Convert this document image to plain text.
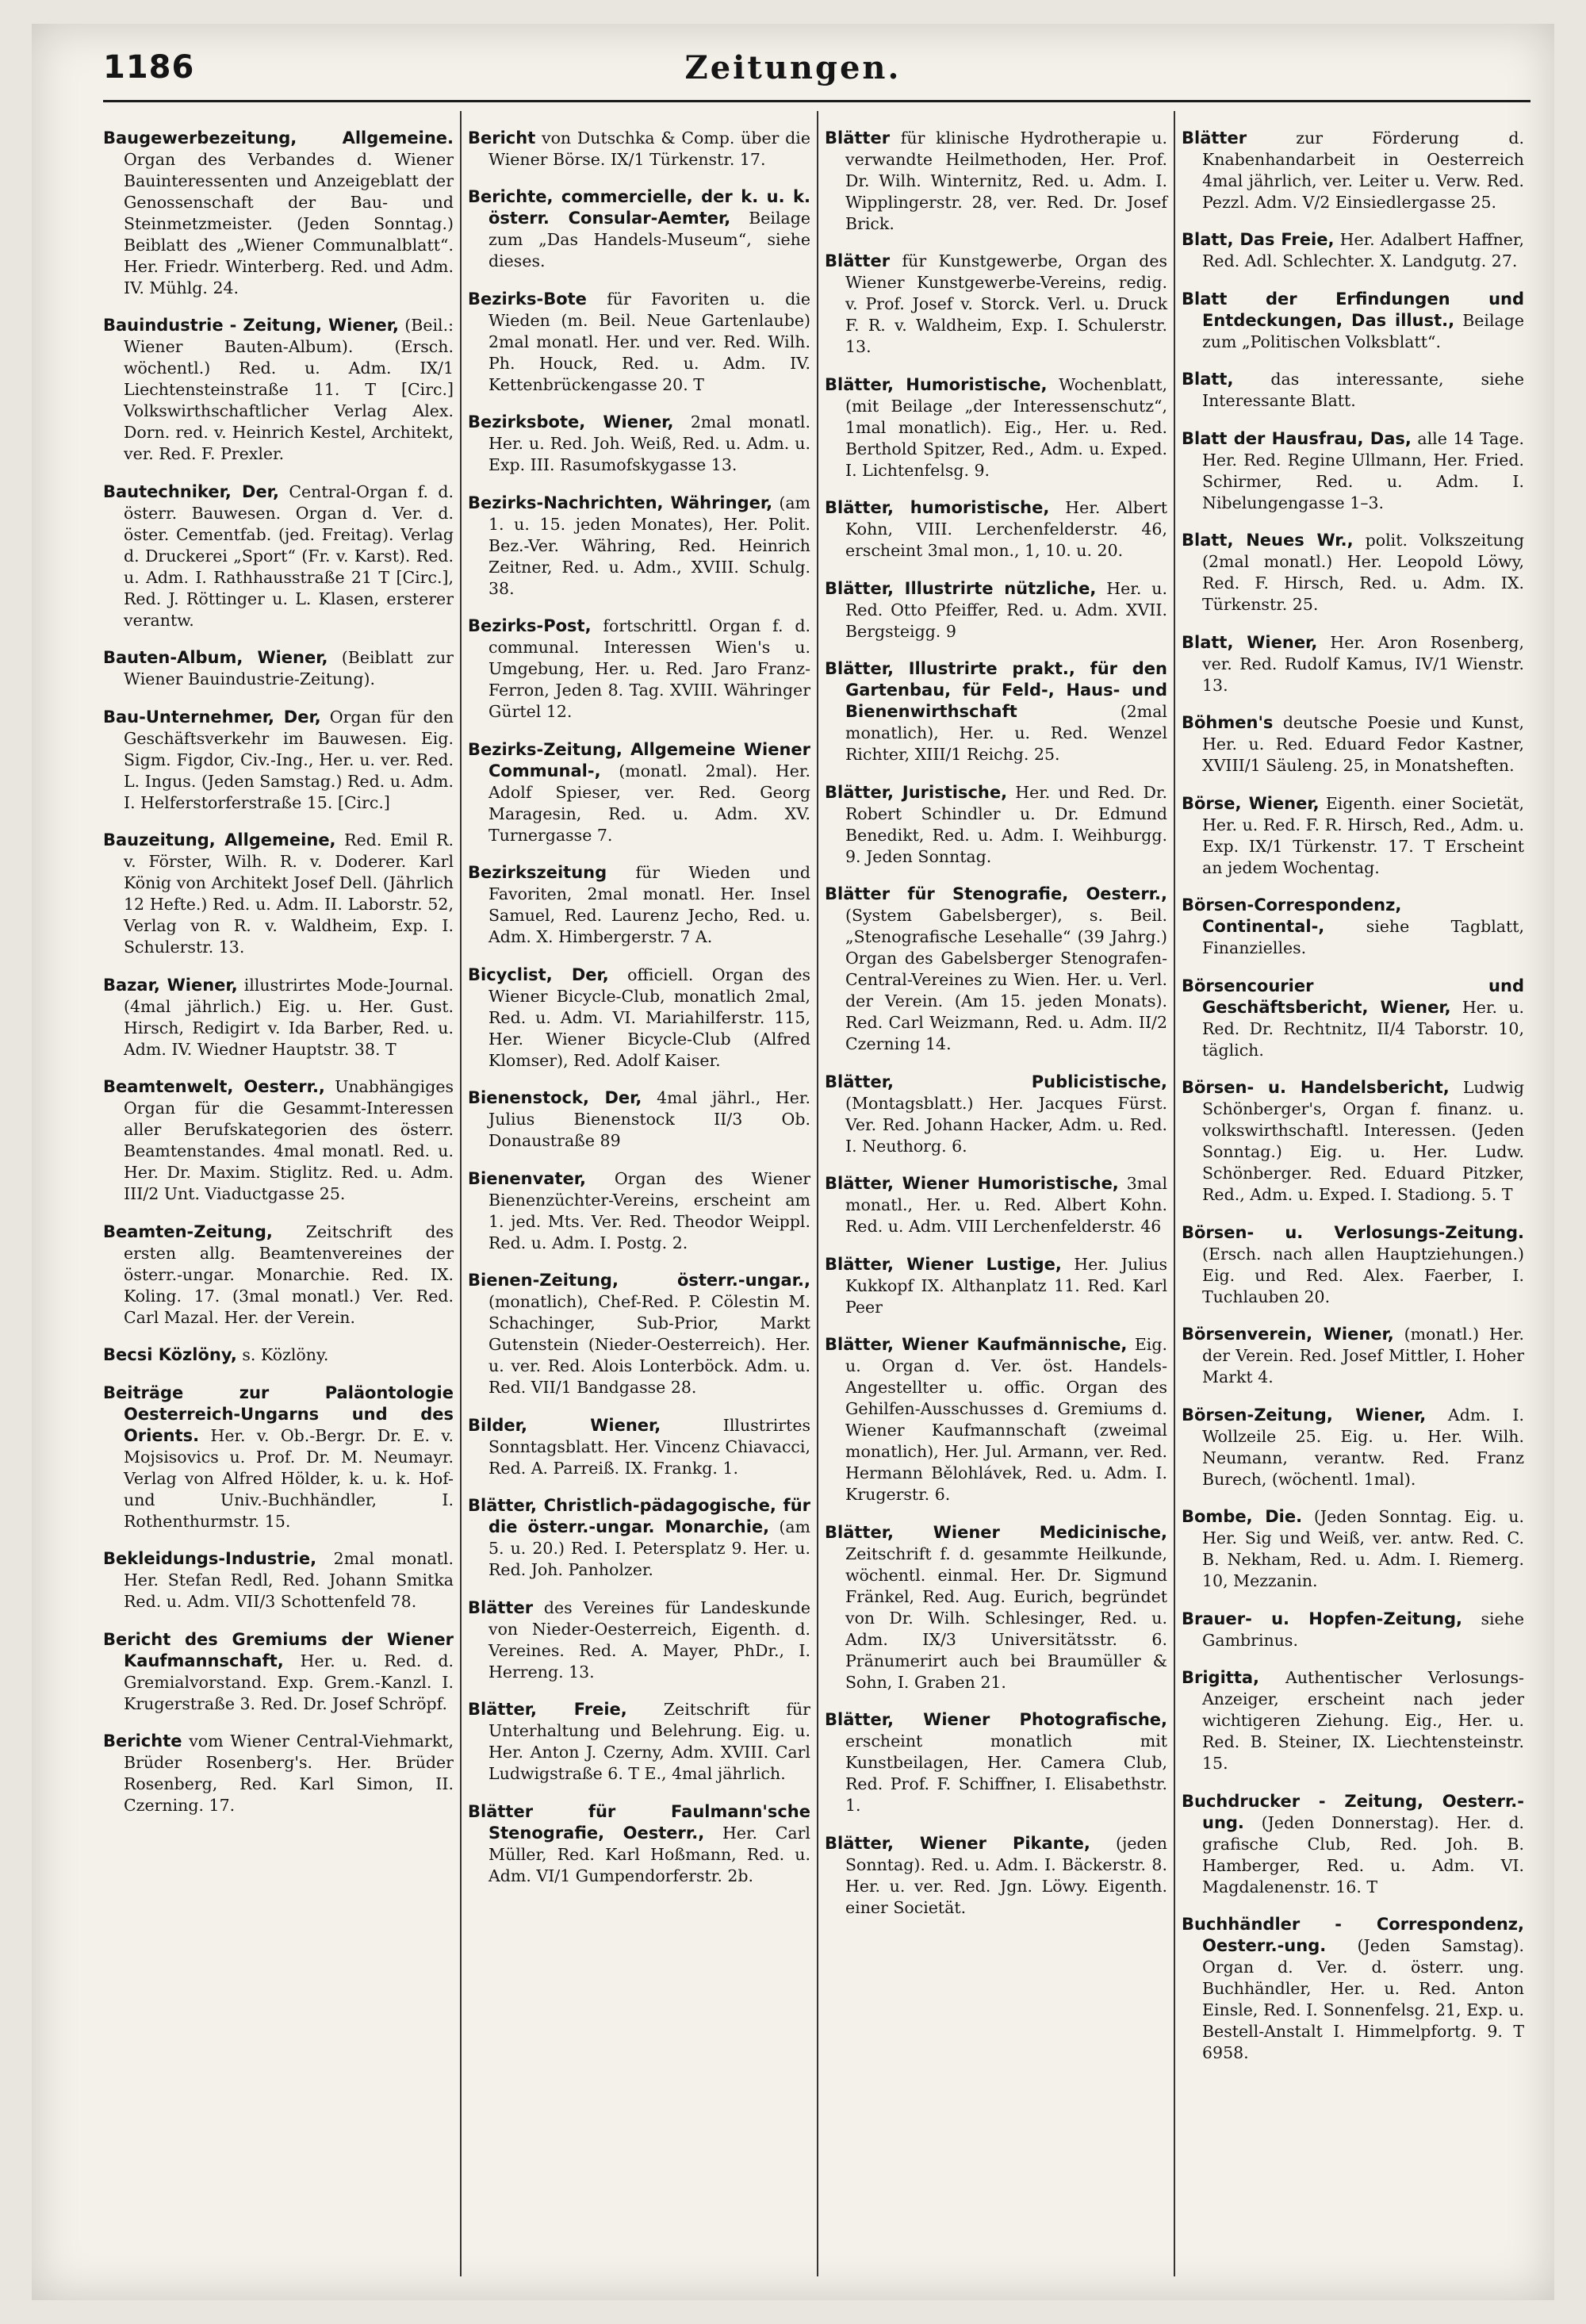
1186	Zeitungen.

Baugewerbezeitung, Allgemeine. Organ des Verbandes d. Wiener Bauinteressenten und Anzeigeblatt der Genossenschaft der Bau- und Steinmetzmeister. (Jeden Sonntag.) Beiblatt des „Wiener Communalblatt“. Her. Friedr. Winterberg. Red. und Adm. IV. Mühlg. 24.

Bauindustrie - Zeitung, Wiener, (Beil.: Wiener Bauten-Album). (Ersch. wöchentl.) Red. u. Adm. IX/1 Liechtensteinstraße 11. T [Circ.] Volkswirthschaftlicher Verlag Alex. Dorn. red. v. Heinrich Kestel, Architekt, ver. Red. F. Prexler.

Bautechniker, Der, Central-Organ f. d. österr. Bauwesen. Organ d. Ver. d. öster. Cementfab. (jed. Freitag). Verlag d. Druckerei „Sport“ (Fr. v. Karst). Red. u. Adm. I. Rathhausstraße 21 T [Circ.], Red. J. Röttinger u. L. Klasen, ersterer verantw.

Bauten-Album, Wiener, (Beiblatt zur Wiener Bauindustrie-Zeitung).

Bau-Unternehmer, Der, Organ für den Geschäftsverkehr im Bauwesen. Eig. Sigm. Figdor, Civ.-Ing., Her. u. ver. Red. L. Ingus. (Jeden Samstag.) Red. u. Adm. I. Helferstorferstraße 15. [Circ.]

Bauzeitung, Allgemeine, Red. Emil R. v. Förster, Wilh. R. v. Doderer. Karl König von Architekt Josef Dell. (Jährlich 12 Hefte.) Red. u. Adm. II. Laborstr. 52, Verlag von R. v. Waldheim, Exp. I. Schulerstr. 13.

Bazar, Wiener, illustrirtes Mode-Journal. (4mal jährlich.) Eig. u. Her. Gust. Hirsch, Redigirt v. Ida Barber, Red. u. Adm. IV. Wiedner Hauptstr. 38. T

Beamtenwelt, Oesterr., Unabhängiges Organ für die Gesammt-Interessen aller Berufskategorien des österr. Beamtenstandes. 4mal monatl. Red. u. Her. Dr. Maxim. Stiglitz. Red. u. Adm. III/2 Unt. Viaductgasse 25.

Beamten-Zeitung, Zeitschrift des ersten allg. Beamtenvereines der österr.-ungar. Monarchie. Red. IX. Koling. 17. (3mal monatl.) Ver. Red. Carl Mazal. Her. der Verein.

Becsi Közlöny, s. Közlöny.

Beiträge zur Paläontologie Oesterreich-Ungarns und des Orients. Her. v. Ob.-Bergr. Dr. E. v. Mojsisovics u. Prof. Dr. M. Neumayr. Verlag von Alfred Hölder, k. u. k. Hof- und Univ.-Buchhändler, I. Rothenthurmstr. 15.

Bekleidungs-Industrie, 2mal monatl. Her. Stefan Redl, Red. Johann Smitka Red. u. Adm. VII/3 Schottenfeld 78.

Bericht des Gremiums der Wiener Kaufmannschaft, Her. u. Red. d. Gremialvorstand. Exp. Grem.-Kanzl. I. Krugerstraße 3. Red. Dr. Josef Schröpf.

Berichte vom Wiener Central-Viehmarkt, Brüder Rosenberg's. Her. Brüder Rosenberg, Red. Karl Simon, II. Czerning. 17.

Bericht von Dutschka & Comp. über die Wiener Börse. IX/1 Türkenstr. 17.

Berichte, commercielle, der k. u. k. österr. Consular-Aemter, Beilage zum „Das Handels-Museum“, siehe dieses.

Bezirks-Bote für Favoriten u. die Wieden (m. Beil. Neue Gartenlaube) 2mal monatl. Her. und ver. Red. Wilh. Ph. Houck, Red. u. Adm. IV. Kettenbrückengasse 20. T

Bezirksbote, Wiener, 2mal monatl. Her. u. Red. Joh. Weiß, Red. u. Adm. u. Exp. III. Rasumofskygasse 13.

Bezirks-Nachrichten, Währinger, (am 1. u. 15. jeden Monates), Her. Polit. Bez.-Ver. Währing, Red. Heinrich Zeitner, Red. u. Adm., XVIII. Schulg. 38.

Bezirks-Post, fortschrittl. Organ f. d. communal. Interessen Wien's u. Umgebung, Her. u. Red. Jaro Franz-Ferron, Jeden 8. Tag. XVIII. Währinger Gürtel 12.

Bezirks-Zeitung, Allgemeine Wiener Communal-, (monatl. 2mal). Her. Adolf Spieser, ver. Red. Georg Maragesin, Red. u. Adm. XV. Turnergasse 7.

Bezirkszeitung für Wieden und Favoriten, 2mal monatl. Her. Insel Samuel, Red. Laurenz Jecho, Red. u. Adm. X. Himbergerstr. 7 A.

Bicyclist, Der, officiell. Organ des Wiener Bicycle-Club, monatlich 2mal, Red. u. Adm. VI. Mariahilferstr. 115, Her. Wiener Bicycle-Club (Alfred Klomser), Red. Adolf Kaiser.

Bienenstock, Der, 4mal jährl., Her. Julius Bienenstock II/3 Ob. Donaustraße 89

Bienenvater, Organ des Wiener Bienenzüchter-Vereins, erscheint am 1. jed. Mts. Ver. Red. Theodor Weippl. Red. u. Adm. I. Postg. 2.

Bienen-Zeitung, österr.-ungar., (monatlich), Chef-Red. P. Cölestin M. Schachinger, Sub-Prior, Markt Gutenstein (Nieder-Oesterreich). Her. u. ver. Red. Alois Lonterböck. Adm. u. Red. VII/1 Bandgasse 28.

Bilder, Wiener,	Illustrirtes Sonntagsblatt. Her. Vincenz Chiavacci, Red. A. Parreiß. IX. Frankg. 1.

Blätter, Christlich-pädagogische, für die österr.-ungar. Monarchie, (am 5. u. 20.) Red. I. Petersplatz 9. Her. u. Red. Joh. Panholzer.

Blätter des Vereines für Landeskunde von Nieder-Oesterreich, Eigenth. d. Vereines. Red. A. Mayer, PhDr., I. Herreng. 13.

Blätter, Freie, Zeitschrift für Unterhaltung und Belehrung. Eig. u. Her. Anton J. Czerny, Adm. XVIII. Carl Ludwigstraße 6. T E., 4mal jährlich.

Blätter für Faulmann'sche Stenografie, Oesterr., Her. Carl Müller, Red. Karl Hoßmann, Red. u. Adm. VI/1 Gumpendorferstr. 2b.

Blätter für klinische Hydrotherapie u. verwandte Heilmethoden, Her. Prof. Dr. Wilh. Winternitz, Red. u. Adm. I. Wipplingerstr. 28, ver. Red. Dr. Josef Brick.

Blätter für Kunstgewerbe, Organ des Wiener Kunstgewerbe-Vereins, redig. v. Prof. Josef v. Storck. Verl. u. Druck F. R. v. Waldheim, Exp. I. Schulerstr. 13.

Blätter, Humoristische, Wochenblatt, (mit Beilage „der Interessenschutz“, 1mal monatlich). Eig., Her. u. Red. Berthold Spitzer, Red., Adm. u. Exped. I. Lichtenfelsg. 9.

Blätter, humoristische, Her. Albert Kohn, VIII. Lerchenfelderstr. 46, erscheint 3mal mon., 1, 10. u. 20.

Blätter, Illustrirte nützliche, Her. u. Red. Otto Pfeiffer, Red. u. Adm. XVII. Bergsteigg. 9

Blätter, Illustrirte prakt., für den Gartenbau, für Feld-, Haus- und Bienenwirthschaft	(2mal monatlich), Her. u. Red. Wenzel Richter, XIII/1 Reichg. 25.

Blätter, Juristische, Her. und Red. Dr. Robert Schindler u. Dr. Edmund Benedikt, Red. u. Adm. I. Weihburgg. 9. Jeden Sonntag.

Blätter für Stenografie, Oesterr., (System Gabelsberger), s. Beil. „Stenografische Lesehalle“ (39 Jahrg.) Organ des Gabelsberger Stenografen-Central-Vereines zu Wien. Her. u. Verl. der Verein. (Am 15. jeden Monats). Red. Carl Weizmann, Red. u. Adm. II/2 Czerning 14.

Blätter, Publicistische, (Montagsblatt.) Her. Jacques Fürst. Ver. Red. Johann Hacker, Adm. u. Red. I. Neuthorg. 6.

Blätter, Wiener Humoristische, 3mal monatl., Her. u. Red. Albert Kohn. Red. u. Adm. VIII Lerchenfelderstr. 46

Blätter, Wiener Lustige, Her. Julius Kukkopf IX. Althanplatz 11. Red. Karl Peer

Blätter, Wiener Kaufmännische, Eig. u. Organ d. Ver. öst. Handels-Angestellter u. offic. Organ des Gehilfen-Ausschusses d. Gremiums d. Wiener Kaufmannschaft (zweimal monatlich), Her. Jul. Armann, ver. Red. Hermann Bělohlávek, Red. u. Adm. I. Krugerstr. 6.

Blätter, Wiener Medicinische, Zeitschrift f. d. gesammte Heilkunde, wöchentl. einmal. Her. Dr. Sigmund Fränkel, Red. Aug. Eurich, begründet von Dr. Wilh. Schlesinger, Red. u. Adm. IX/3 Universitätsstr. 6. Pränumerirt auch bei Braumüller & Sohn, I. Graben 21.

Blätter, Wiener Photografische, erscheint monatlich mit Kunstbeilagen, Her. Camera Club, Red. Prof. F. Schiffner, I. Elisabethstr. 1.

Blätter, Wiener Pikante, (jeden Sonntag). Red. u. Adm. I. Bäckerstr. 8. Her. u. ver. Red. Jgn. Löwy. Eigenth. einer Societät.

Blätter	zur Förderung d. Knabenhandarbeit in Oesterreich 4mal jährlich, ver. Leiter u. Verw. Red. Pezzl. Adm. V/2 Einsiedlergasse 25.

Blatt, Das Freie, Her. Adalbert Haffner, Red. Adl. Schlechter. X. Landgutg. 27.

Blatt der Erfindungen und Entdeckungen, Das illust., Beilage zum „Politischen Volksblatt“.

Blatt, das interessante, siehe Interessante Blatt.

Blatt der Hausfrau, Das, alle 14 Tage. Her. Red. Regine Ullmann, Her. Fried. Schirmer, Red. u. Adm. I. Nibelungengasse 1–3.

Blatt, Neues Wr., polit. Volkszeitung (2mal monatl.) Her. Leopold Löwy, Red. F. Hirsch, Red. u. Adm. IX. Türkenstr. 25.

Blatt, Wiener, Her. Aron Rosenberg, ver. Red. Rudolf Kamus, IV/1 Wienstr. 13.

Böhmen's deutsche Poesie und Kunst, Her. u. Red. Eduard Fedor Kastner, XVIII/1 Säuleng. 25, in Monatsheften.

Börse, Wiener, Eigenth. einer Societät, Her. u. Red. F. R. Hirsch, Red., Adm. u. Exp. IX/1 Türkenstr. 17. T Erscheint an jedem Wochentag.

Börsen-Correspondenz, Continental-,	siehe Tagblatt, Finanzielles.

Börsencourier und Geschäftsbericht, Wiener, Her. u. Red. Dr. Rechtnitz, II/4 Taborstr. 10, täglich.

Börsen- u. Handelsbericht, Ludwig Schönberger's, Organ f. finanz. u. volkswirthschaftl. Interessen. (Jeden Sonntag.) Eig. u. Her. Ludw. Schönberger. Red. Eduard Pitzker, Red., Adm. u. Exped. I. Stadiong. 5. T

Börsen- u. Verlosungs-Zeitung. (Ersch. nach allen Hauptziehungen.) Eig. und Red. Alex. Faerber, I. Tuchlauben 20.

Börsenverein, Wiener, (monatl.) Her. der Verein. Red. Josef Mittler, I. Hoher Markt 4.

Börsen-Zeitung, Wiener, Adm. I. Wollzeile 25. Eig. u. Her. Wilh. Neumann, verantw. Red. Franz Burech, (wöchentl. 1mal).

Bombe, Die. (Jeden Sonntag. Eig. u. Her. Sig und Weiß, ver. antw. Red. C. B. Nekham, Red. u. Adm. I. Riemerg. 10, Mezzanin.

Brauer- u. Hopfen-Zeitung, siehe Gambrinus.

Brigitta, Authentischer Verlosungs-Anzeiger, erscheint nach jeder wichtigeren Ziehung. Eig., Her. u. Red. B. Steiner, IX. Liechtensteinstr. 15.

Buchdrucker - Zeitung, Oesterr.-ung. (Jeden Donnerstag). Her. d. grafische Club, Red. Joh. B. Hamberger, Red. u. Adm. VI. Magdalenenstr. 16. T

Buchhändler - Correspondenz, Oesterr.-ung. (Jeden Samstag). Organ d. Ver. d. österr. ung. Buchhändler, Her. u. Red. Anton Einsle, Red. I. Sonnenfelsg. 21, Exp. u. Bestell-Anstalt I. Himmelpfortg. 9. T 6958.
